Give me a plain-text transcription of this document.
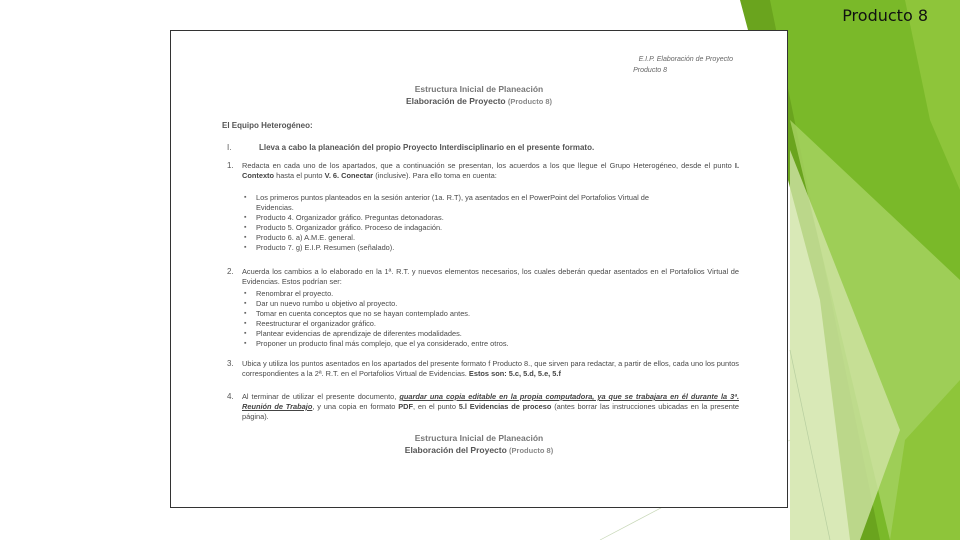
Producto 8
E.I.P. Elaboración de Proyecto
Producto 8
Estructura Inicial de Planeación
Elaboración de Proyecto (Producto 8)
El Equipo Heterogéneo:
I.	Lleva a cabo la planeación del propio Proyecto Interdisciplinario en el presente formato.
1. Redacta en cada uno de los apartados, que a continuación se presentan, los acuerdos a los que llegue el Grupo Heterogéneo, desde el punto I. Contexto hasta el punto V. 6. Conectar (inclusive). Para ello toma en cuenta:
▪ Los primeros puntos planteados en la sesión anterior (1a. R.T), ya asentados en el PowerPoint del Portafolios Virtual de
Evidencias.
▪ Producto 4. Organizador gráfico. Preguntas detonadoras.
▪ Producto 5. Organizador gráfico. Proceso de indagación.
▪ Producto 6. a) A.M.E. general.
▪ Producto 7. g) E.I.P. Resumen (señalado).
2. Acuerda los cambios a lo elaborado en la 1ª. R.T. y nuevos elementos necesarios, los cuales deberán quedar asentados en el Portafolios Virtual de Evidencias. Estos podrían ser:
▪ Renombrar el proyecto.
▪ Dar un nuevo rumbo u objetivo al proyecto.
▪ Tomar en cuenta conceptos que no se hayan contemplado antes.
▪ Reestructurar el organizador gráfico.
▪ Plantear evidencias de aprendizaje de diferentes modalidades.
▪ Proponer un producto final más complejo, que el ya considerado, entre otros.
3. Ubica y utiliza los puntos asentados en los apartados del presente formato f Producto 8., que sirven para redactar, a partir de ellos, cada uno los puntos correspondientes a la 2ª. R.T. en el Portafolios Virtual de Evidencias. Estos son: 5.c, 5.d, 5.e, 5.f
4. Al terminar de utilizar el presente documento, guardar una copia editable en la propia computadora, ya que se trabajara en él durante la 3ª. Reunión de Trabajo, y una copia en formato PDF, en el punto 5.l Evidencias de proceso (antes borrar las instrucciones ubicadas en la presente página).
Estructura Inicial de Planeación
Elaboración del Proyecto (Producto 8)
